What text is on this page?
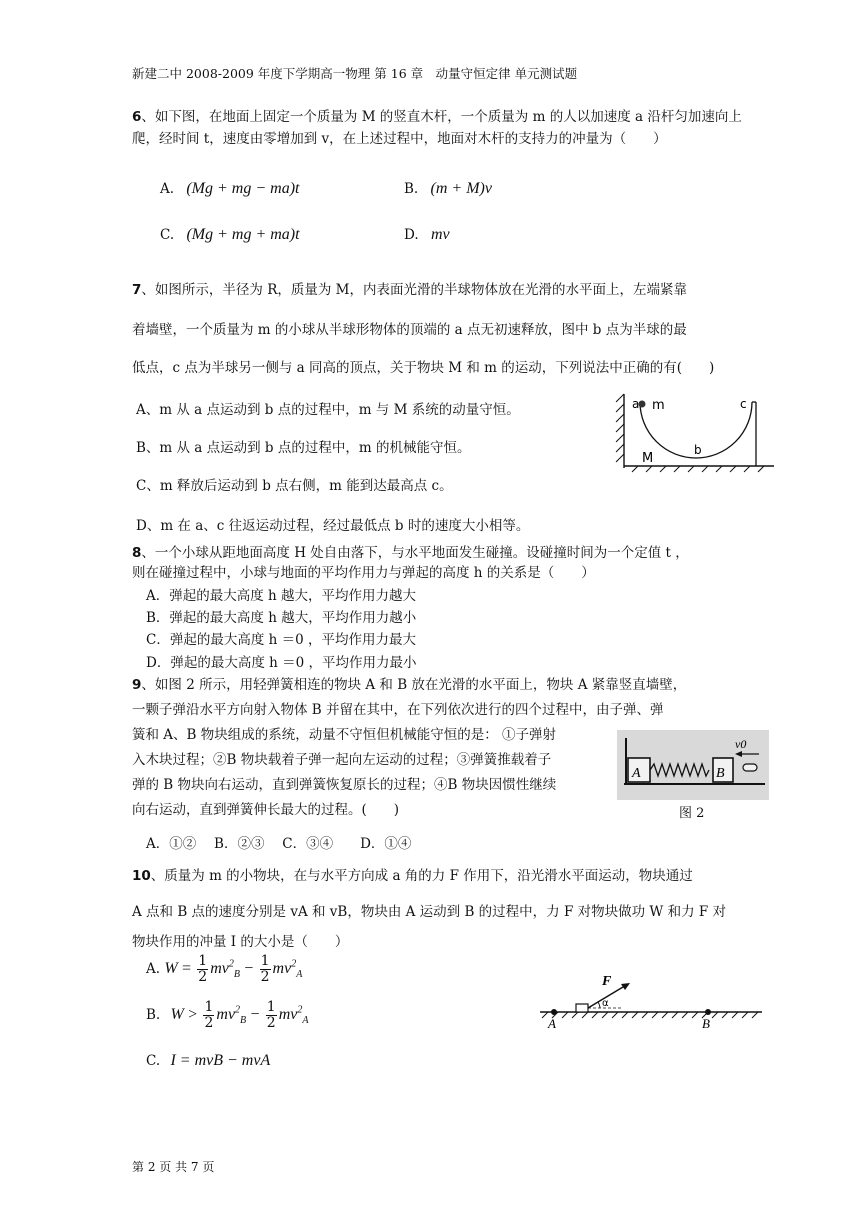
新建二中 2008-2009 年度下学期高一物理 第 16 章　动量守恒定律 单元测试题
6、如下图，在地面上固定一个质量为 M 的竖直木杆，一个质量为 m 的人以加速度 a 沿杆匀加速向上爬，经时间 t，速度由零增加到 v，在上述过程中，地面对木杆的支持力的冲量为（　　）
A. (Mg + mg − ma)t	B. (m + M)v
C. (Mg + mg + ma)t	D. mv
7、如图所示，半径为 R，质量为 M，内表面光滑的半球物体放在光滑的水平面上，左端紧靠
着墙壁，一个质量为 m 的小球从半球形物体的顶端的 a 点无初速释放，图中 b 点为半球的最
低点，c 点为半球另一侧与 a 同高的顶点，关于物块 M 和 m 的运动，下列说法中正确的有(　　)
A、m 从 a 点运动到 b 点的过程中，m 与 M 系统的动量守恒。
B、m 从 a 点运动到 b 点的过程中，m 的机械能守恒。
C、m 释放后运动到 b 点右侧，m 能到达最高点 c。
D、m 在 a、c 往返运动过程，经过最低点 b 时的速度大小相等。
a m	c
b
M
8、一个小球从距地面高度 H 处自由落下，与水平地面发生碰撞。设碰撞时间为一个定值 t ，
则在碰撞过程中，小球与地面的平均作用力与弹起的高度 h 的关系是（　　）
A．弹起的最大高度 h 越大，平均作用力越大
B．弹起的最大高度 h 越大，平均作用力越小
C．弹起的最大高度 h ＝0 ，平均作用力最大
D．弹起的最大高度 h ＝0 ，平均作用力最小
9、如图 2 所示，用轻弹簧相连的物块 A 和 B 放在光滑的水平面上，物块 A 紧靠竖直墙壁，
一颗子弹沿水平方向射入物体 B 并留在其中，在下列依次进行的四个过程中，由子弹、弹
簧和 A、B 物块组成的系统，动量不守恒但机械能守恒的是： ①子弹射
入木块过程；②B 物块载着子弹一起向左运动的过程；③弹簧推载着子
弹的 B 物块向右运动，直到弹簧恢复原长的过程；④B 物块因惯性继续
向右运动，直到弹簧伸长最大的过程。(　　)
A．①②　 B．②③　 C．③④　　D．①④
A	B
v0
图 2
10、质量为 m 的小物块，在与水平方向成 a 角的力 F 作用下，沿光滑水平面运动，物块通过
A 点和 B 点的速度分别是 vA 和 vB，物块由 A 运动到 B 的过程中，力 F 对物块做功 W 和力 F 对
物块作用的冲量 I 的大小是（　　）
A. $W = \frac{1}{2} mv^2_B - \frac{1}{2} mv^2_A$
B. $W > \frac{1}{2} mv^2_B - \frac{1}{2} mv^2_A$
C. I = mvB − mvA
F
α
A	B
第 2 页 共 7 页
